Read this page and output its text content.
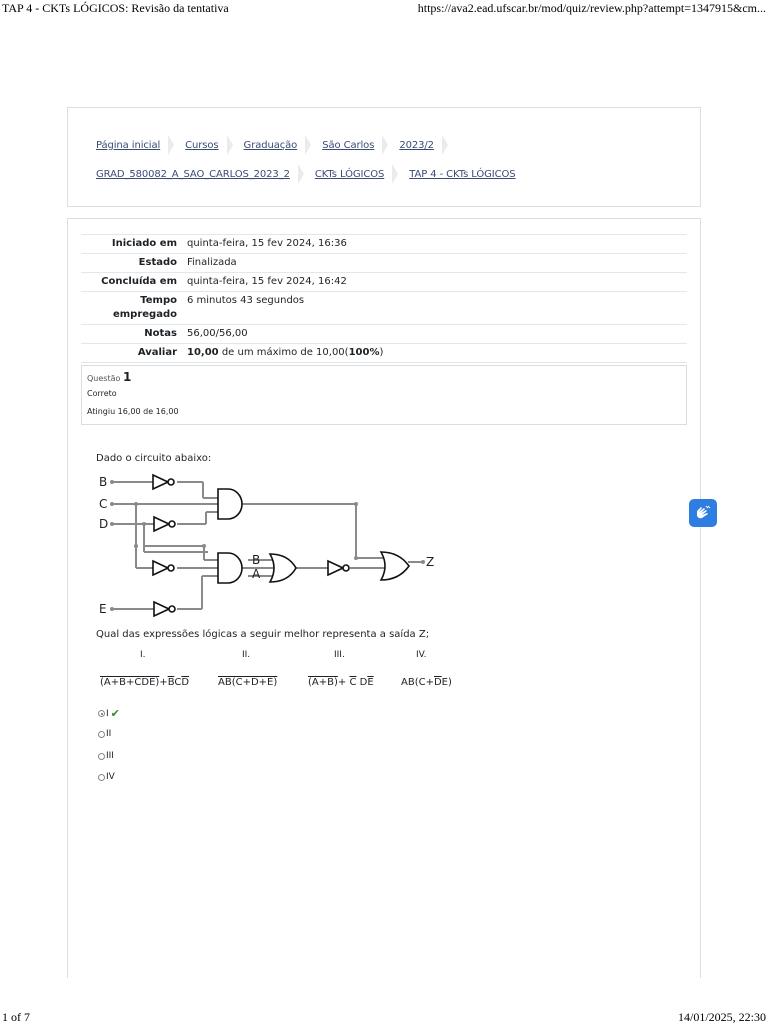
TAP 4 - CKTs LÓGICOS: Revisão da tentativa	https://ava2.ead.ufscar.br/mod/quiz/review.php?attempt=1347915&cm...
Página inicial	Cursos	Graduação	São Carlos	2023/2
GRAD_580082_A_SAO_CARLOS_2023_2	CKTs LÓGICOS	TAP 4 - CKTs LÓGICOS
Iniciado em	quinta-feira, 15 fev 2024, 16:36
Estado	Finalizada
Concluída em	quinta-feira, 15 fev 2024, 16:42
Tempo
empregado	6 minutos 43 segundos
Notas	56,00/56,00
Avaliar	10,00 de um máximo de 10,00(100%)
Questão 1
Correto
Atingiu 16,00 de 16,00
Dado o circuito abaixo:
B
C
D
E
B
A
Z
Qual das expressões lógicas a seguir melhor representa a saída Z;
I.	II.	III.	IV.
$(A+B+CDE)+\overline{B}C\overline{D}$	AB(C+D+E)	$(A+B)+ \overline{C}$ $D\overline{E}$	$AB(C+\overline{D}E)$
I ✔
II
III
IV
1 of 7	14/01/2025, 22:30
